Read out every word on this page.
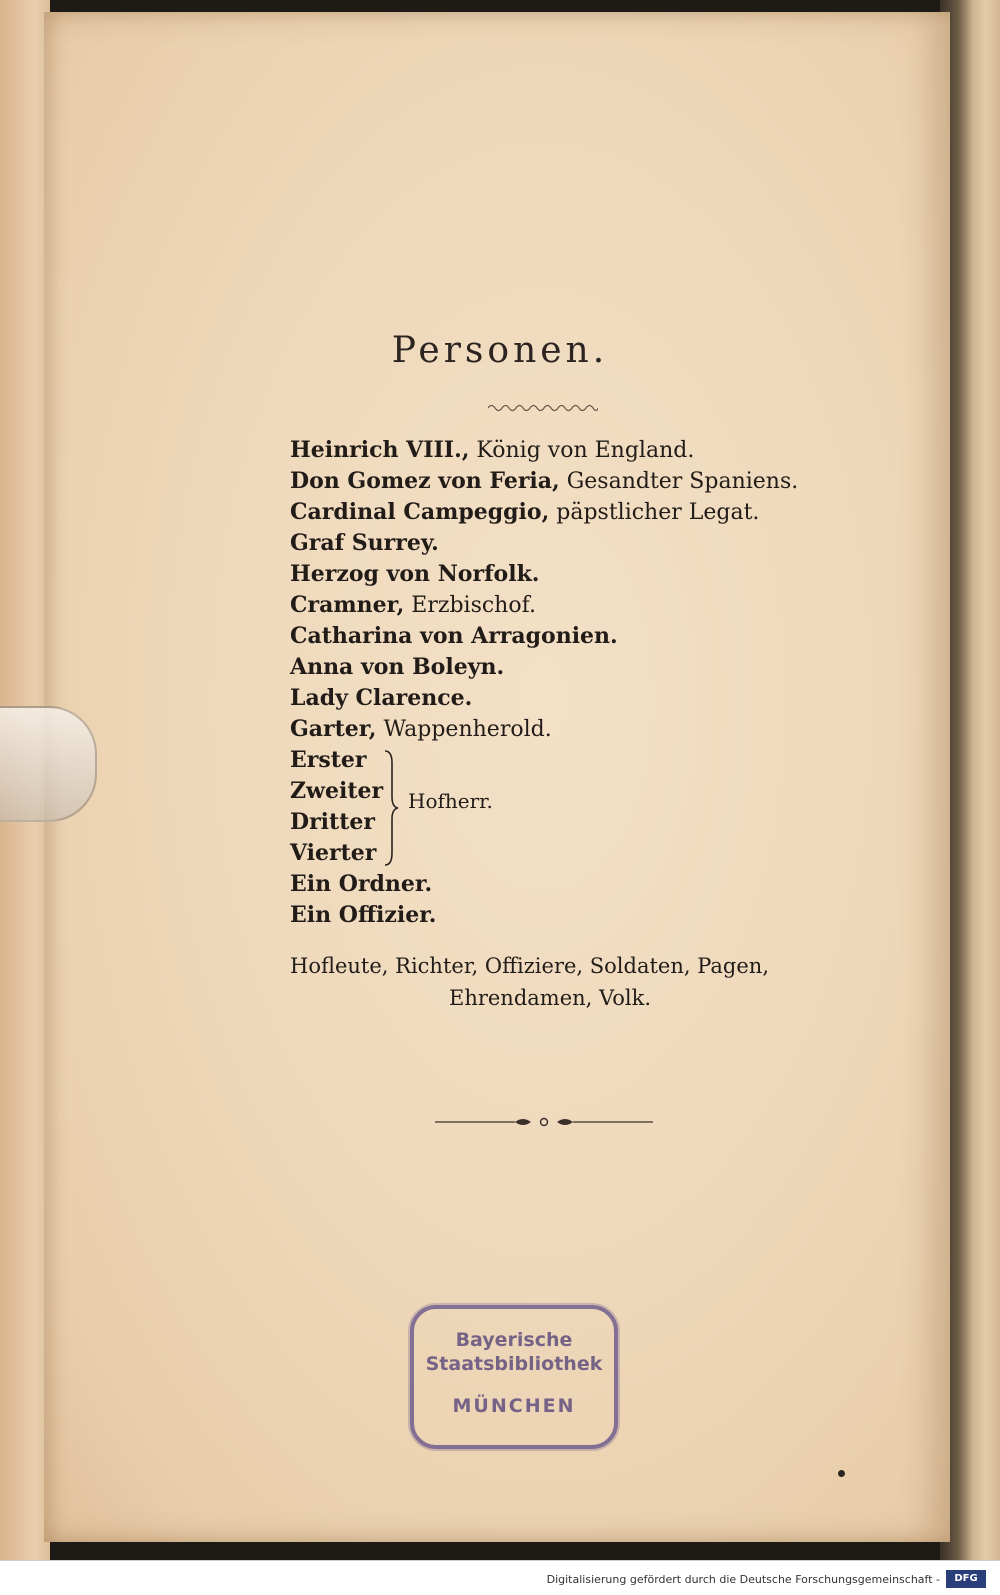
Personen.
Heinrich VIII., König von England.
Don Gomez von Feria, Gesandter Spaniens.
Cardinal Campeggio, päpstlicher Legat.
Graf Surrey.
Herzog von Norfolk.
Cramner, Erzbischof.
Catharina von Arragonien.
Anna von Boleyn.
Lady Clarence.
Garter, Wappenherold.
Erster
Zweiter
Dritter
Vierter
Hofherr.
Ein Ordner.
Ein Offizier.
Hofleute, Richter, Offiziere, Soldaten, Pagen,
Ehrendamen, Volk.
Bayerische
Staatsbibliothek
MÜNCHEN
Digitalisierung gefördert durch die Deutsche Forschungsgemeinschaft -	DFG
